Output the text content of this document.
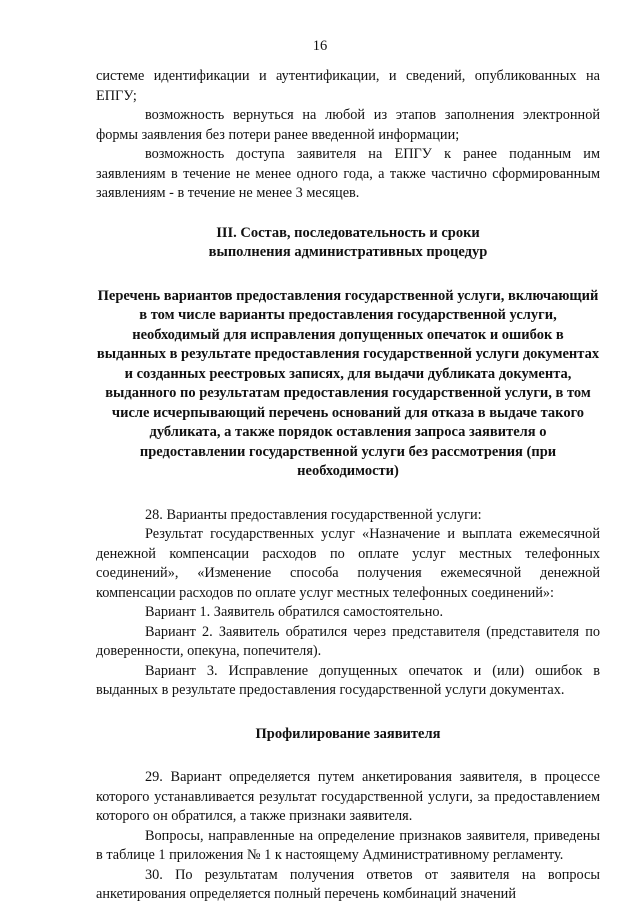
16

системе идентификации и аутентификации, и сведений, опубликованных на ЕПГУ;

возможность вернуться на любой из этапов заполнения электронной формы заявления без потери ранее введенной информации;

возможность доступа заявителя на ЕПГУ к ранее поданным им заявлениям в течение не менее одного года, а также частично сформированным заявлениям - в течение не менее 3 месяцев.

III. Состав, последовательность и сроки

выполнения административных процедур

Перечень вариантов предоставления государственной услуги, включающий в том числе варианты предоставления государственной услуги, необходимый для исправления допущенных опечаток и ошибок в выданных в результате предоставления государственной услуги документах и созданных реестровых записях, для выдачи дубликата документа, выданного по результатам предоставления государственной услуги, в том числе исчерпывающий перечень оснований для отказа в выдаче такого дубликата, а также порядок оставления запроса заявителя о предоставлении государственной услуги без рассмотрения (при необходимости)

28. Варианты предоставления государственной услуги:

Результат государственных услуг «Назначение и выплата ежемесячной денежной компенсации расходов по оплате услуг местных телефонных соединений», «Изменение способа получения ежемесячной денежной компенсации расходов по оплате услуг местных телефонных соединений»:

Вариант 1. Заявитель обратился самостоятельно.

Вариант 2. Заявитель обратился через представителя (представителя по доверенности, опекуна, попечителя).

Вариант 3. Исправление допущенных опечаток и (или) ошибок в выданных в результате предоставления государственной услуги документах.

Профилирование заявителя

29. Вариант определяется путем анкетирования заявителя, в процессе которого устанавливается результат государственной услуги, за предоставлением которого он обратился, а также признаки заявителя.

Вопросы, направленные на определение признаков заявителя, приведены в таблице 1 приложения № 1 к настоящему Административному регламенту.

30. По результатам получения ответов от заявителя на вопросы анкетирования определяется полный перечень комбинаций значений
